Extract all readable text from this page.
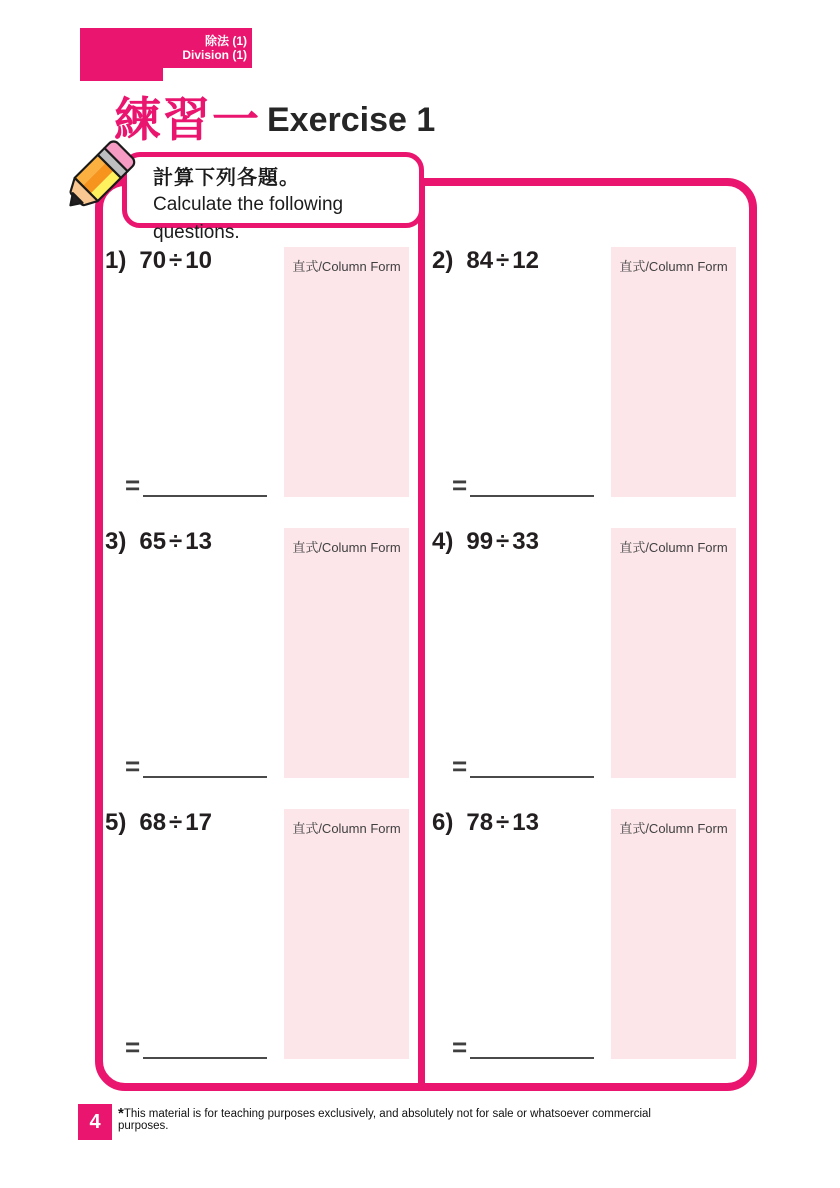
除法 (1)
Division (1)
練習一 Exercise 1
計算下列各題。
Calculate the following questions.
1) 70 ÷ 10	直式/Column Form
=
2) 84 ÷ 12	直式/Column Form
=
3) 65 ÷ 13	直式/Column Form
=
4) 99 ÷ 33	直式/Column Form
=
5) 68 ÷ 17	直式/Column Form
=
6) 78 ÷ 13	直式/Column Form
=
4 *This material is for teaching purposes exclusively, and absolutely not for sale or whatsoever commercial purposes.
